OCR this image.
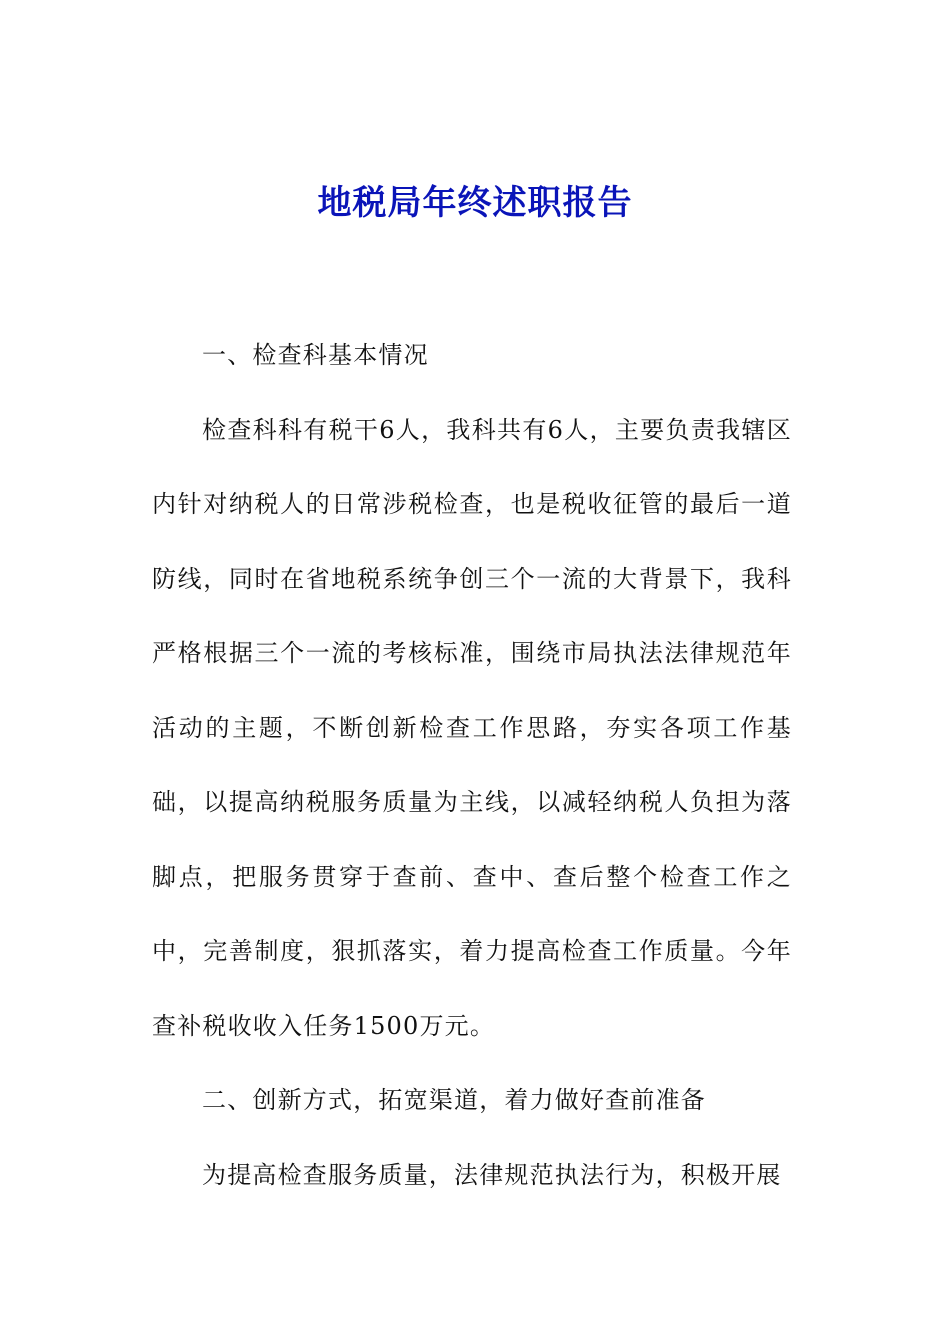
地税局年终述职报告

一、检查科基本情况

检查科科有税干6人，我科共有6人，主要负责我辖区内针对纳税人的日常涉税检查，也是税收征管的最后一道防线，同时在省地税系统争创三个一流的大背景下，我科严格根据三个一流的考核标准，围绕市局执法法律规范年活动的主题，不断创新检查工作思路，夯实各项工作基础，以提高纳税服务质量为主线，以减轻纳税人负担为落脚点，把服务贯穿于查前、查中、查后整个检查工作之中，完善制度，狠抓落实，着力提高检查工作质量。今年查补税收收入任务1500万元。

二、创新方式，拓宽渠道，着力做好查前准备

为提高检查服务质量，法律规范执法行为，积极开展
